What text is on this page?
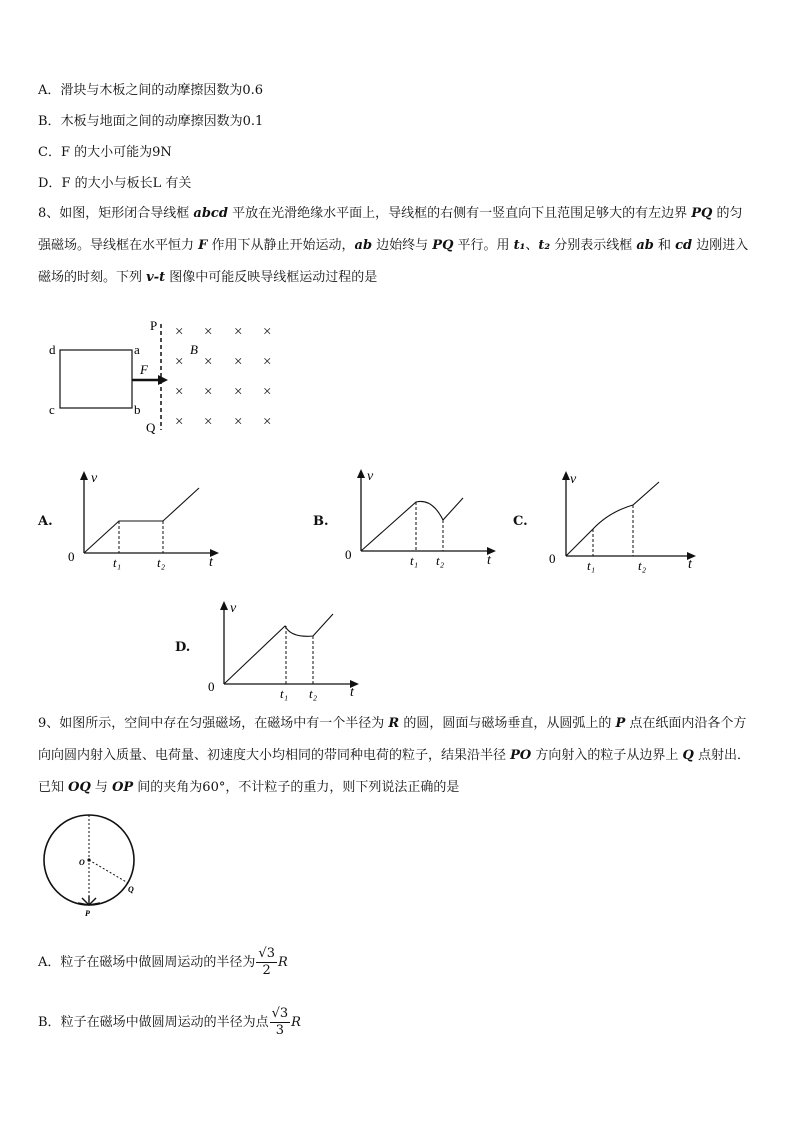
A．滑块与木板之间的动摩擦因数为0.6
B．木板与地面之间的动摩擦因数为0.1
C．F 的大小可能为9N
D．F 的大小与板长L 有关
8、如图，矩形闭合导线框 abcd 平放在光滑绝缘水平面上，导线框的右侧有一竖直向下且范围足够大的有左边界 PQ 的匀强磁场。导线框在水平恒力 F 作用下从静止开始运动，ab 边始终与 PQ 平行。用 t₁、t₂ 分别表示线框 ab 和 cd 边刚进入磁场的时刻。下列 v-t 图像中可能反映导线框运动过程的是
d	a
c	b
F
P
Q
B
× × × ×
× × × ×
× × × ×
× × × ×
A.	B.	C.
D.
v
t
0	t₁	t₂
v
t
0	t₁ t₂
v
t
0 t₁	t₂
v
t
0	t₁ t₂
9、如图所示，空间中存在匀强磁场，在磁场中有一个半径为 R 的圆，圆面与磁场垂直，从圆弧上的 P 点在纸面内沿各个方向向圆内射入质量、电荷量、初速度大小均相同的带同种电荷的粒子，结果沿半径 PO 方向射入的粒子从边界上 Q 点射出．已知 OQ 与 OP 间的夹角为60°，不计粒子的重力，则下列说法正确的是
O
Q
P
A．粒子在磁场中做圆周运动的半径为 $\frac{√3}{2}$ R
B．粒子在磁场中做圆周运动的半径为点 $\frac{√3}{3}$ R
